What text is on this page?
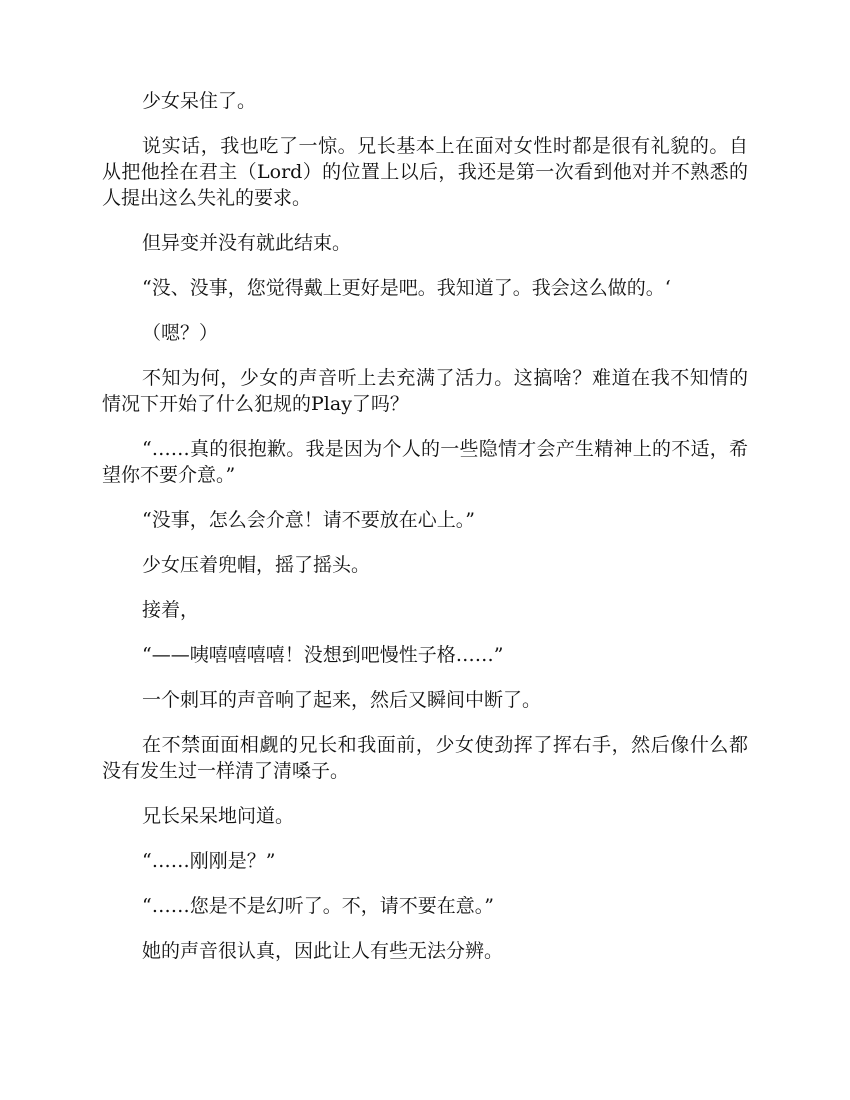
少女呆住了。

说实话，我也吃了一惊。兄长基本上在面对女性时都是很有礼貌的。自从把他拴在君主（Lord）的位置上以后，我还是第一次看到他对并不熟悉的人提出这么失礼的要求。

但异变并没有就此结束。

“没、没事，您觉得戴上更好是吧。我知道了。我会这么做的。‘

（嗯？）

不知为何，少女的声音听上去充满了活力。这搞啥？难道在我不知情的情况下开始了什么犯规的Play了吗？

“……真的很抱歉。我是因为个人的一些隐情才会产生精神上的不适，希望你不要介意。”

“没事，怎么会介意！请不要放在心上。”

少女压着兜帽，摇了摇头。

接着，

“——咦嘻嘻嘻嘻！没想到吧慢性子格……”

一个刺耳的声音响了起来，然后又瞬间中断了。

在不禁面面相觑的兄长和我面前，少女使劲挥了挥右手，然后像什么都没有发生过一样清了清嗓子。

兄长呆呆地问道。

“……刚刚是？”

“……您是不是幻听了。不，请不要在意。”

她的声音很认真，因此让人有些无法分辨。
